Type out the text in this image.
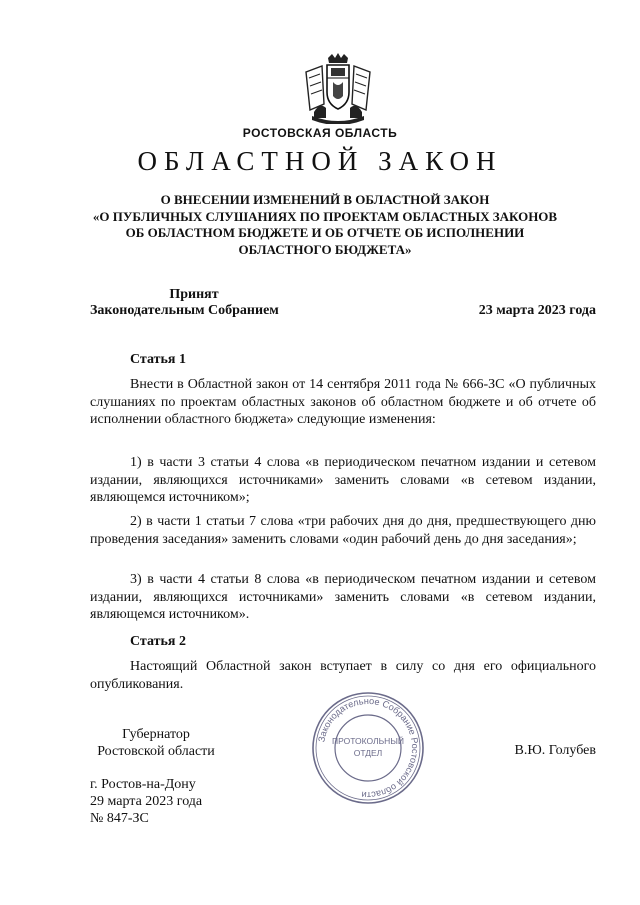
РОСТОВСКАЯ ОБЛАСТЬ
ОБЛАСТНОЙ ЗАКОН
О ВНЕСЕНИИ ИЗМЕНЕНИЙ В ОБЛАСТНОЙ ЗАКОН
«О ПУБЛИЧНЫХ СЛУШАНИЯХ ПО ПРОЕКТАМ ОБЛАСТНЫХ ЗАКОНОВ
ОБ ОБЛАСТНОМ БЮДЖЕТЕ И ОБ ОТЧЕТЕ ОБ ИСПОЛНЕНИИ
ОБЛАСТНОГО БЮДЖЕТА»
Принят
Законодательным Собранием	23 марта 2023 года
Статья 1
Внести в Областной закон от 14 сентября 2011 года № 666-ЗС «О публичных слушаниях по проектам областных законов об областном бюджете и об отчете об исполнении областного бюджета» следующие изменения:
1) в части 3 статьи 4 слова «в периодическом печатном издании и сетевом издании, являющихся источниками» заменить словами «в сетевом издании, являющемся источником»;
2) в части 1 статьи 7 слова «три рабочих дня до дня, предшествующего дню проведения заседания» заменить словами «один рабочий день до дня заседания»;
3) в части 4 статьи 8 слова «в периодическом печатном издании и сетевом издании, являющихся источниками» заменить словами «в сетевом издании, являющемся источником».
Статья 2
Настоящий Областной закон вступает в силу со дня его официального опубликования.
Губернатор
Ростовской области	В.Ю. Голубев
г. Ростов-на-Дону
29 марта 2023 года
№ 847-ЗС
Законодательное Собрание Ростовской области
ПРОТОКОЛЬНЫЙ
ОТДЕЛ
